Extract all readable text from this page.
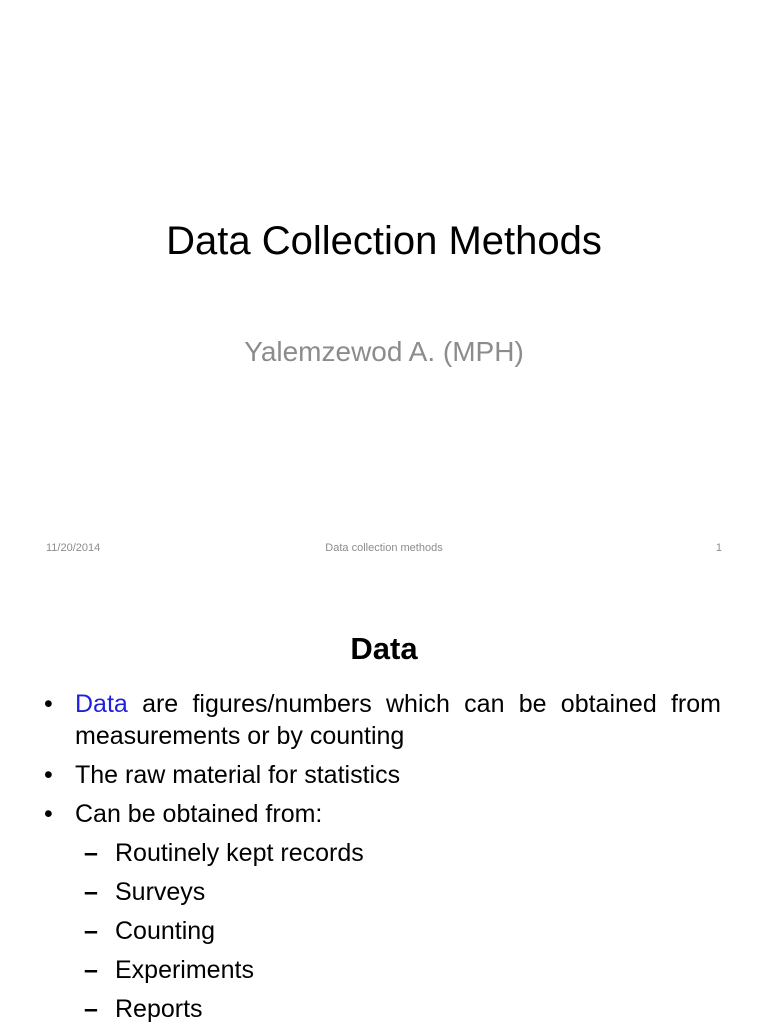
Data Collection Methods
Yalemzewod A. (MPH)
11/20/2014	Data collection methods	1
Data
• Data are figures/numbers which can be obtained from measurements or by counting
• The raw material for statistics
• Can be obtained from:
– Routinely kept records
– Surveys
– Counting
– Experiments
– Reports
